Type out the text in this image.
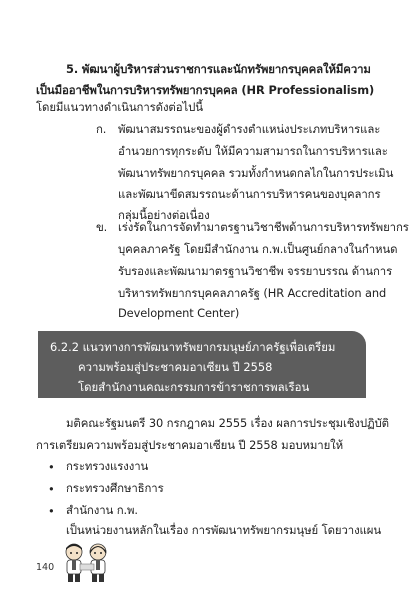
5. พัฒนาผู้บริหารส่วนราชการและนักทรัพยากรบุคคลให้มีความ
เป็นมืออาชีพในการบริหารทรัพยากรบุคคล (HR Professionalism)
โดยมีแนวทางดำเนินการดังต่อไปนี้
ก. พัฒนาสมรรถนะของผู้ดำรงตำแหน่งประเภทบริหารและ
อำนวยการทุกระดับ ให้มีความสามารถในการบริหารและ
พัฒนาทรัพยากรบุคคล รวมทั้งกำหนดกลไกในการประเมิน
และพัฒนาขีดสมรรถนะด้านการบริหารคนของบุคลากร
กลุ่มนี้อย่างต่อเนื่อง
ข. เร่งรัดในการจัดทำมาตรฐานวิชาชีพด้านการบริหารทรัพยากร
บุคคลภาครัฐ โดยมีสำนักงาน ก.พ.เป็นศูนย์กลางในกำหนด
รับรองและพัฒนามาตรฐานวิชาชีพ จรรยาบรรณ ด้านการ
บริหารทรัพยากรบุคคลภาครัฐ (HR Accreditation and
Development Center)
6.2.2 แนวทางการพัฒนาทรัพยากรมนุษย์ภาครัฐเพื่อเตรียม
ความพร้อมสู่ประชาคมอาเซียน ปี 2558
โดยสำนักงานคณะกรรมการข้าราชการพลเรือน
มติคณะรัฐมนตรี 30 กรกฎาคม 2555 เรื่อง ผลการประชุมเชิงปฏิบัติ
การเตรียมความพร้อมสู่ประชาคมอาเซียน ปี 2558 มอบหมายให้
• กระทรวงแรงงาน
• กระทรวงศึกษาธิการ
• สำนักงาน ก.พ.
เป็นหน่วยงานหลักในเรื่อง การพัฒนาทรัพยากรมนุษย์ โดยวางแผน
140
